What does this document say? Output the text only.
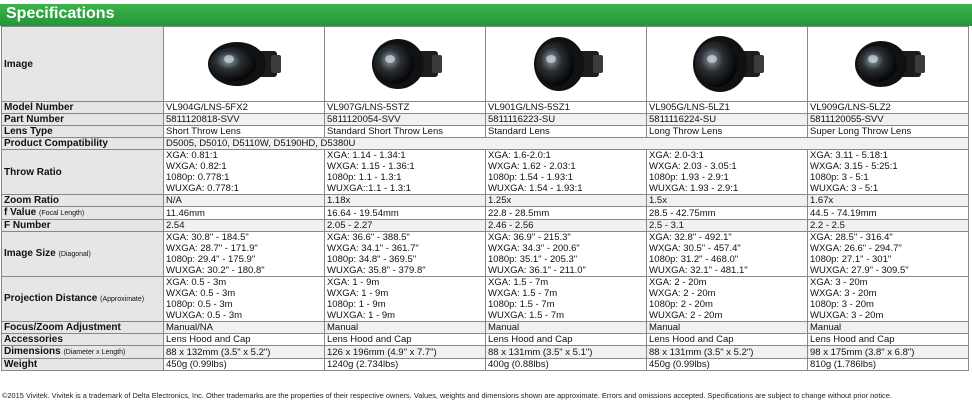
Specifications
Image	

Model Number	VL904G/LNS-5FX2	VL907G/LNS-5STZ	VL901G/LNS-5SZ1	VL905G/LNS-5LZ1	VL909G/LNS-5LZ2
Part Number	5811120818-SVV	5811120054-SVV	5811116223-SU	5811116224-SU	5811120055-SVV
Lens Type	Short Throw Lens	Standard Short Throw Lens	Standard Lens	Long Throw Lens	Super Long Throw Lens
Product Compatibility	D5005, D5010, D5110W, D5190HD, D5380U				
Throw Ratio	XGA: 0.81:1
WXGA: 0.82:1
1080p: 0.778:1
WUXGA: 0.778:1	XGA: 1.14 - 1.34:1
WXGA: 1.15 - 1.36:1
1080p: 1.1 - 1.3:1
WUXGA::1.1 - 1.3:1	XGA: 1.6-2.0:1
WXGA: 1.62 - 2.03:1
1080p: 1.54 - 1.93:1
WUXGA: 1.54 - 1.93:1	XGA: 2.0-3:1
WXGA: 2.03 - 3.05:1
1080p: 1.93 - 2.9:1
WUXGA: 1.93 - 2.9:1	XGA: 3.11 - 5.18:1
WXGA: 3.15 - 5:25:1
1080p: 3 - 5:1
WUXGA: 3 - 5:1

Zoom Ratio	N/A	1.18x	1.25x	1.5x	1.67x
f Value (Focal Length)	11.46mm	16.64 - 19.54mm	22.8 - 28.5mm	28.5 - 42.75mm	44.5 - 74.19mm
F Number	2.54	2.05 - 2.27	2.46 - 2.56	2.5 - 3.1	2.2 - 2.5
Image Size (Diagonal)	XGA: 30.8" - 184.5"
WXGA: 28.7" - 171.9"
1080p: 29.4" - 175.9"
WUXGA: 30.2" - 180.8"	XGA: 36.6" - 388.5"
WXGA: 34.1" - 361.7"
1080p: 34.8" - 369.5"
WUXGA: 35.8" - 379.8"	XGA: 36.9" - 215.3"
WXGA: 34.3" - 200.6"
1080p: 35.1" - 205.3"
WUXGA: 36.1" - 211.0"	XGA: 32.8" - 492.1"
WXGA: 30.5" - 457.4"
1080p: 31.2" - 468.0"
WUXGA: 32.1" - 481.1"	XGA: 28.5" - 316.4"
WXGA: 26.6" - 294.7"
1080p: 27.1" - 301"
WUXGA: 27.9" - 309.5"

Projection Distance (Approximate)	XGA: 0.5 - 3m
WXGA: 0.5 - 3m
1080p: 0.5 - 3m
WUXGA: 0.5 - 3m	XGA: 1 - 9m
WXGA: 1 - 9m
1080p: 1 - 9m
WUXGA: 1 - 9m	XGA: 1.5 - 7m
WXGA: 1.5 - 7m
1080p: 1.5 - 7m
WUXGA: 1.5 - 7m	XGA: 2 - 20m
WXGA: 2 - 20m
1080p: 2 - 20m
WUXGA: 2 - 20m	XGA: 3 - 20m
WXGA: 3 - 20m
1080p: 3 - 20m
WUXGA: 3 - 20m

Focus/Zoom Adjustment	Manual/NA	Manual	Manual	Manual	Manual
Accessories	Lens Hood and Cap	Lens Hood and Cap	Lens Hood and Cap	Lens Hood and Cap	Lens Hood and Cap
Dimensions (Diameter x Length)	88 x 132mm (3.5" x 5.2")	126 x 196mm (4.9" x 7.7")	88 x 131mm (3.5" x 5.1")	88 x 131mm (3.5" x 5.2")	98 x 175mm (3.8" x 6.8")
Weight	450g (0.99lbs)	1240g (2.734lbs)	400g (0.88lbs)	450g (0.99lbs)	810g (1.786lbs)
©2015 Vivitek. Vivitek is a trademark of Delta Electronics, Inc. Other trademarks are the properties of their respective owners. Values, weights and dimensions shown are approximate. Errors and omissions accepted. Specifications are subject to change without prior notice.
